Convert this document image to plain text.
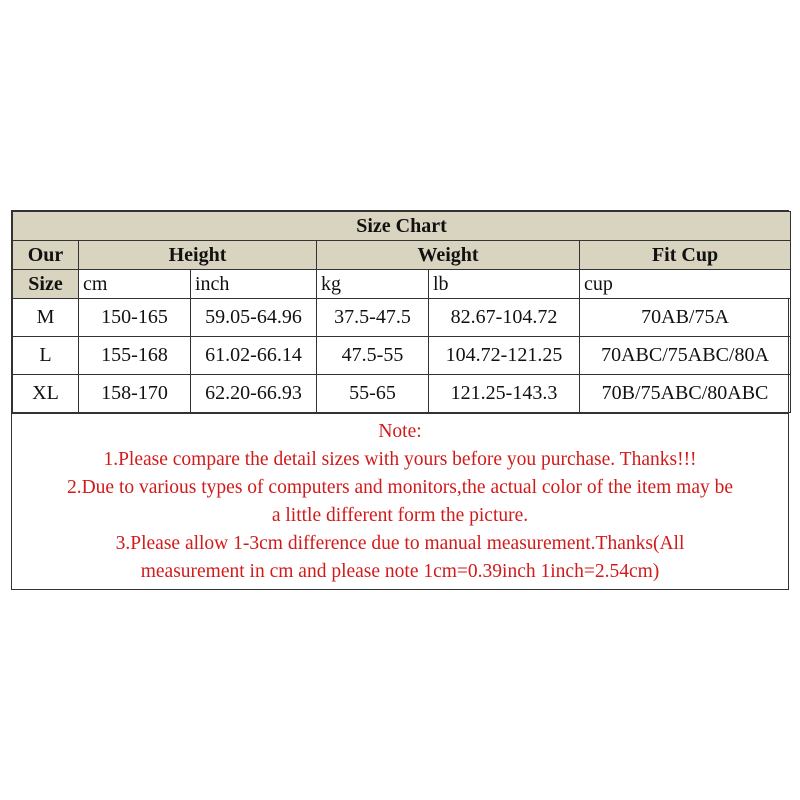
Size Chart					
Our	Height		Weight		Fit Cup
Size	cm	inch	kg	lb	cup
M	150-165	59.05-64.96	37.5-47.5	82.67-104.72	70AB/75A
L	155-168	61.02-66.14	47.5-55	104.72-121.25	70ABC/75ABC/80A
XL	158-170	62.20-66.93	55-65	121.25-143.3	70B/75ABC/80ABC
Note:
1.Please compare the detail sizes with yours before you purchase. Thanks!!!
2.Due to various types of computers and monitors,the actual color of the item may be
a little different form the picture.
3.Please allow 1-3cm difference due to manual measurement.Thanks(All
measurement in cm and please note 1cm=0.39inch 1inch=2.54cm)
